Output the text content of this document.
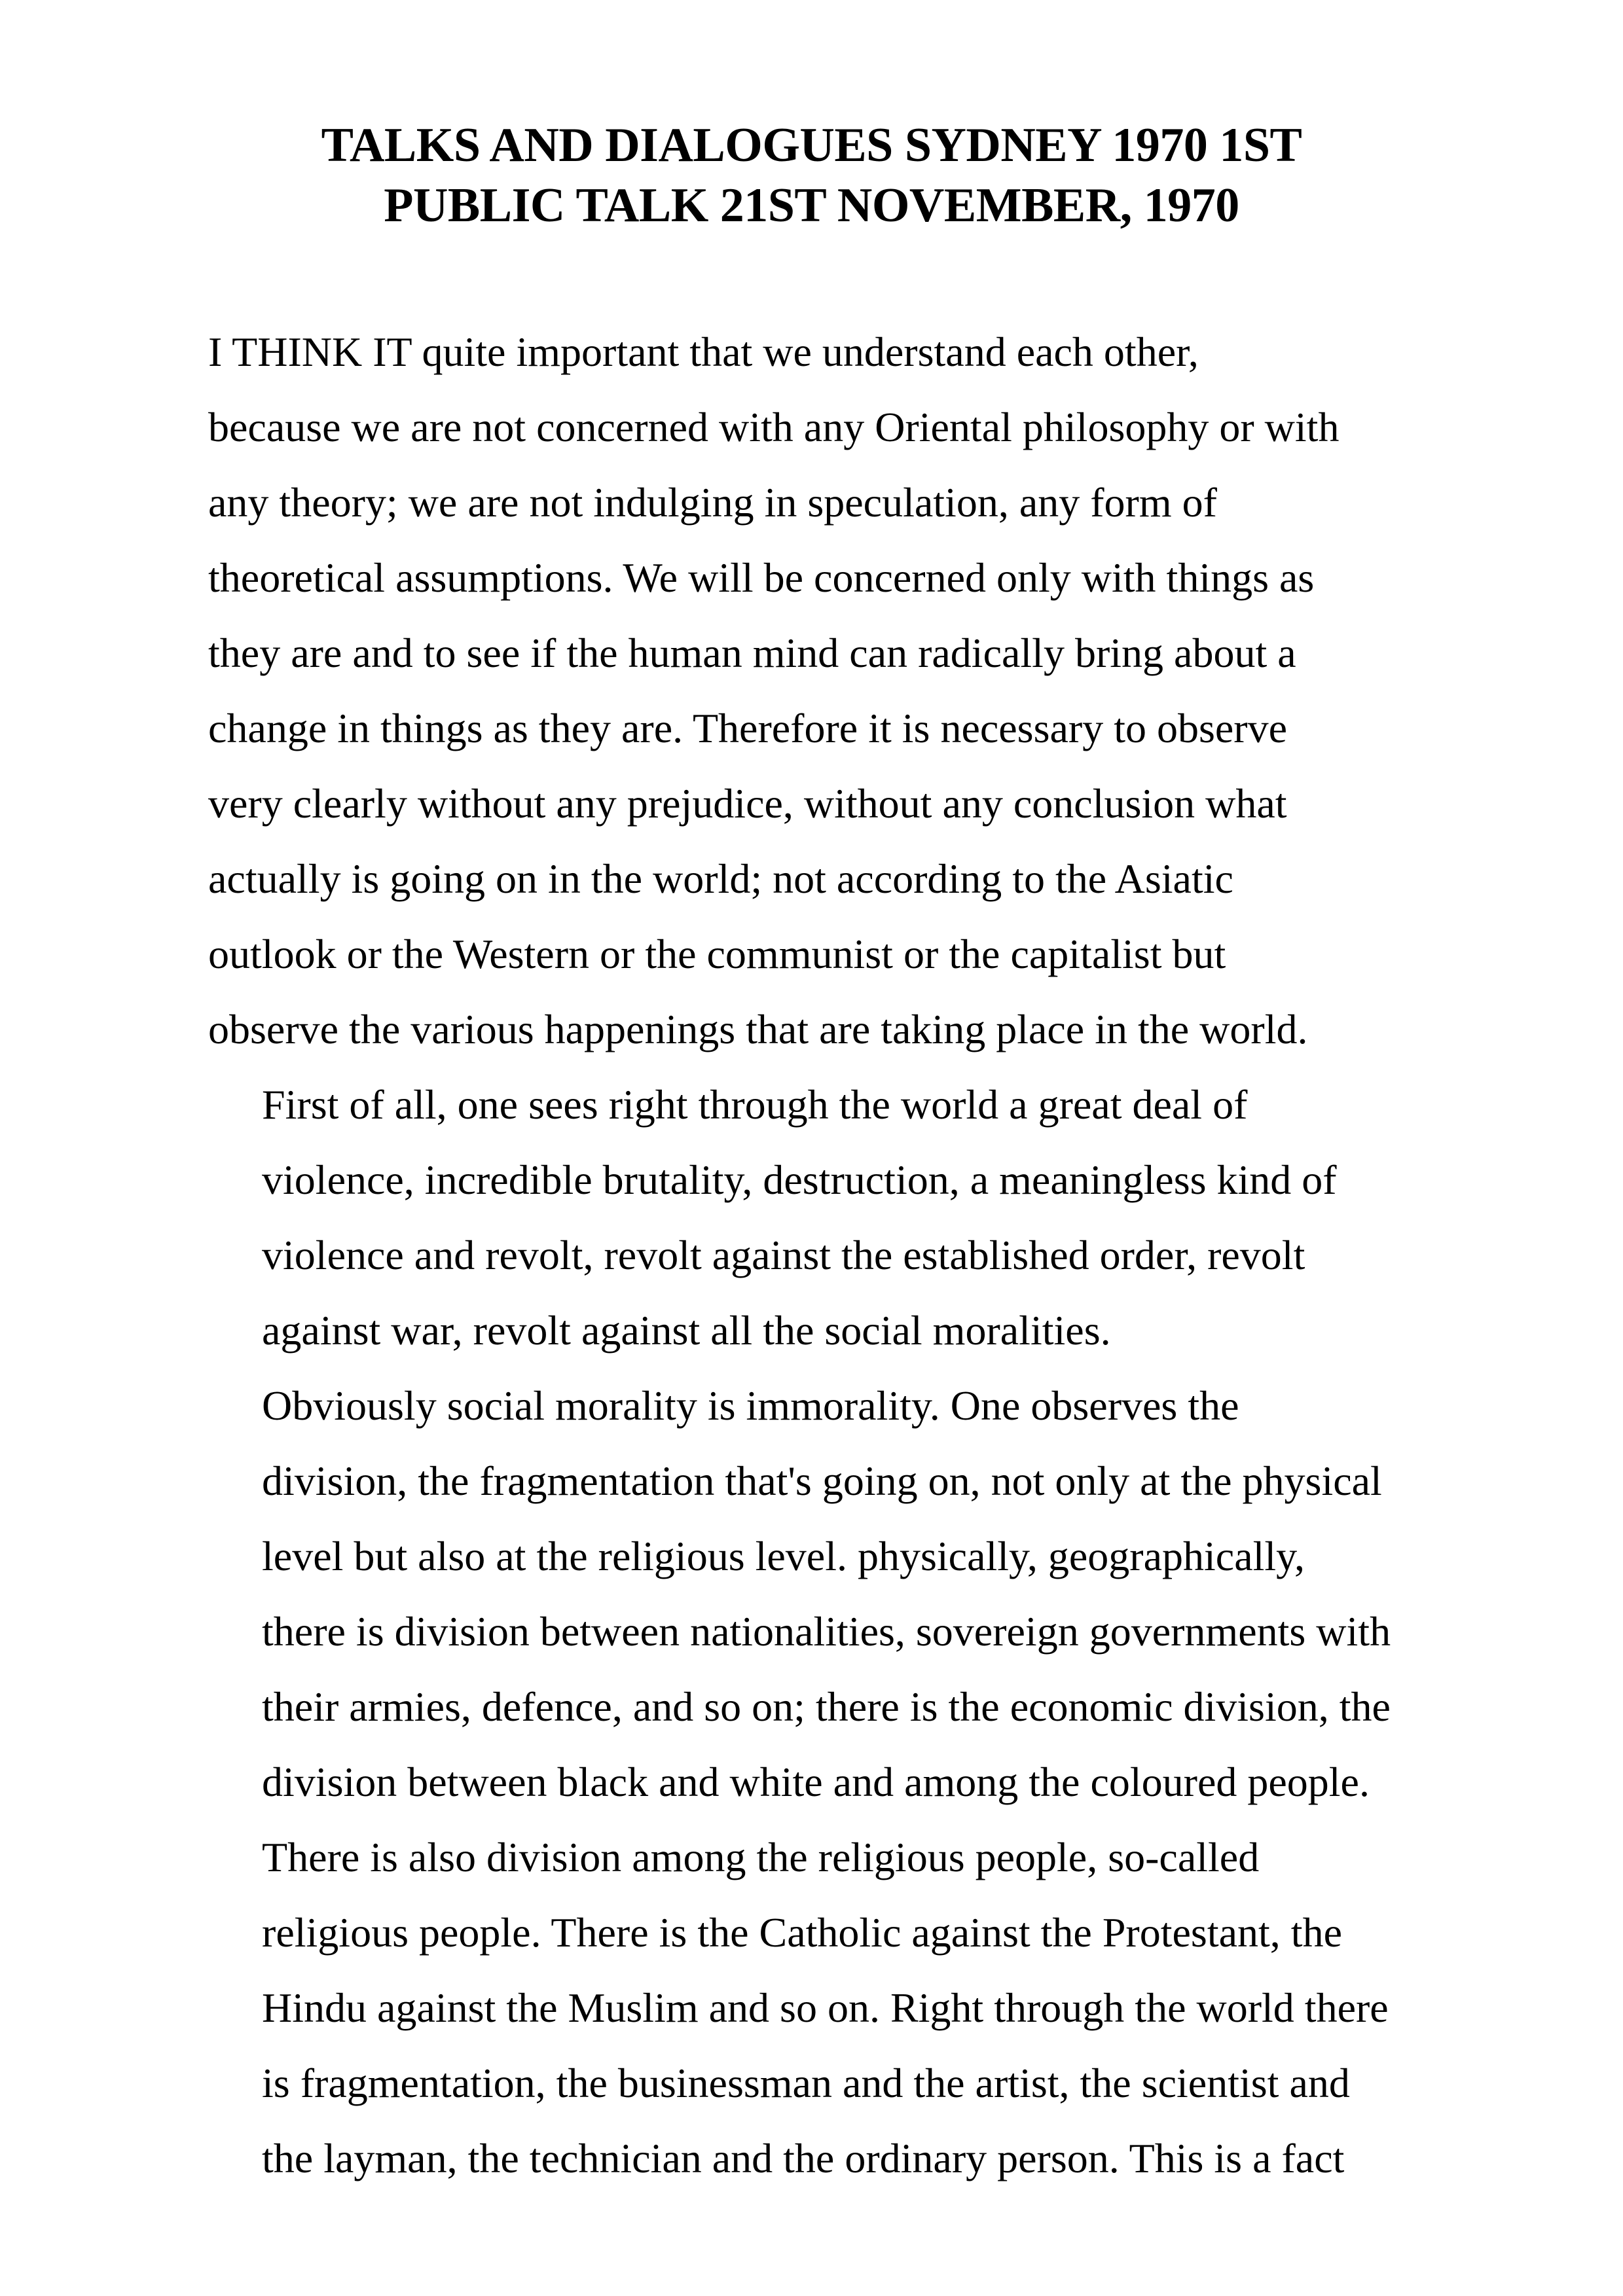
TALKS AND DIALOGUES SYDNEY 1970 1ST
PUBLIC TALK 21ST NOVEMBER, 1970

I THINK IT quite important that we understand each other,
because we are not concerned with any Oriental philosophy or with
any theory; we are not indulging in speculation, any form of
theoretical assumptions. We will be concerned only with things as
they are and to see if the human mind can radically bring about a
change in things as they are. Therefore it is necessary to observe
very clearly without any prejudice, without any conclusion what
actually is going on in the world; not according to the Asiatic
outlook or the Western or the communist or the capitalist but
observe the various happenings that are taking place in the world.

First of all, one sees right through the world a great deal of

violence, incredible brutality, destruction, a meaningless kind of
violence and revolt, revolt against the established order, revolt
against war, revolt against all the social moralities.

Obviously social morality is immorality. One observes the

division, the fragmentation that's going on, not only at the physical
level but also at the religious level. physically, geographically,
there is division between nationalities, sovereign governments with
their armies, defence, and so on; there is the economic division, the
division between black and white and among the coloured people.
There is also division among the religious people, so-called
religious people. There is the Catholic against the Protestant, the
Hindu against the Muslim and so on. Right through the world there
is fragmentation, the businessman and the artist, the scientist and
the layman, the technician and the ordinary person. This is a fact
